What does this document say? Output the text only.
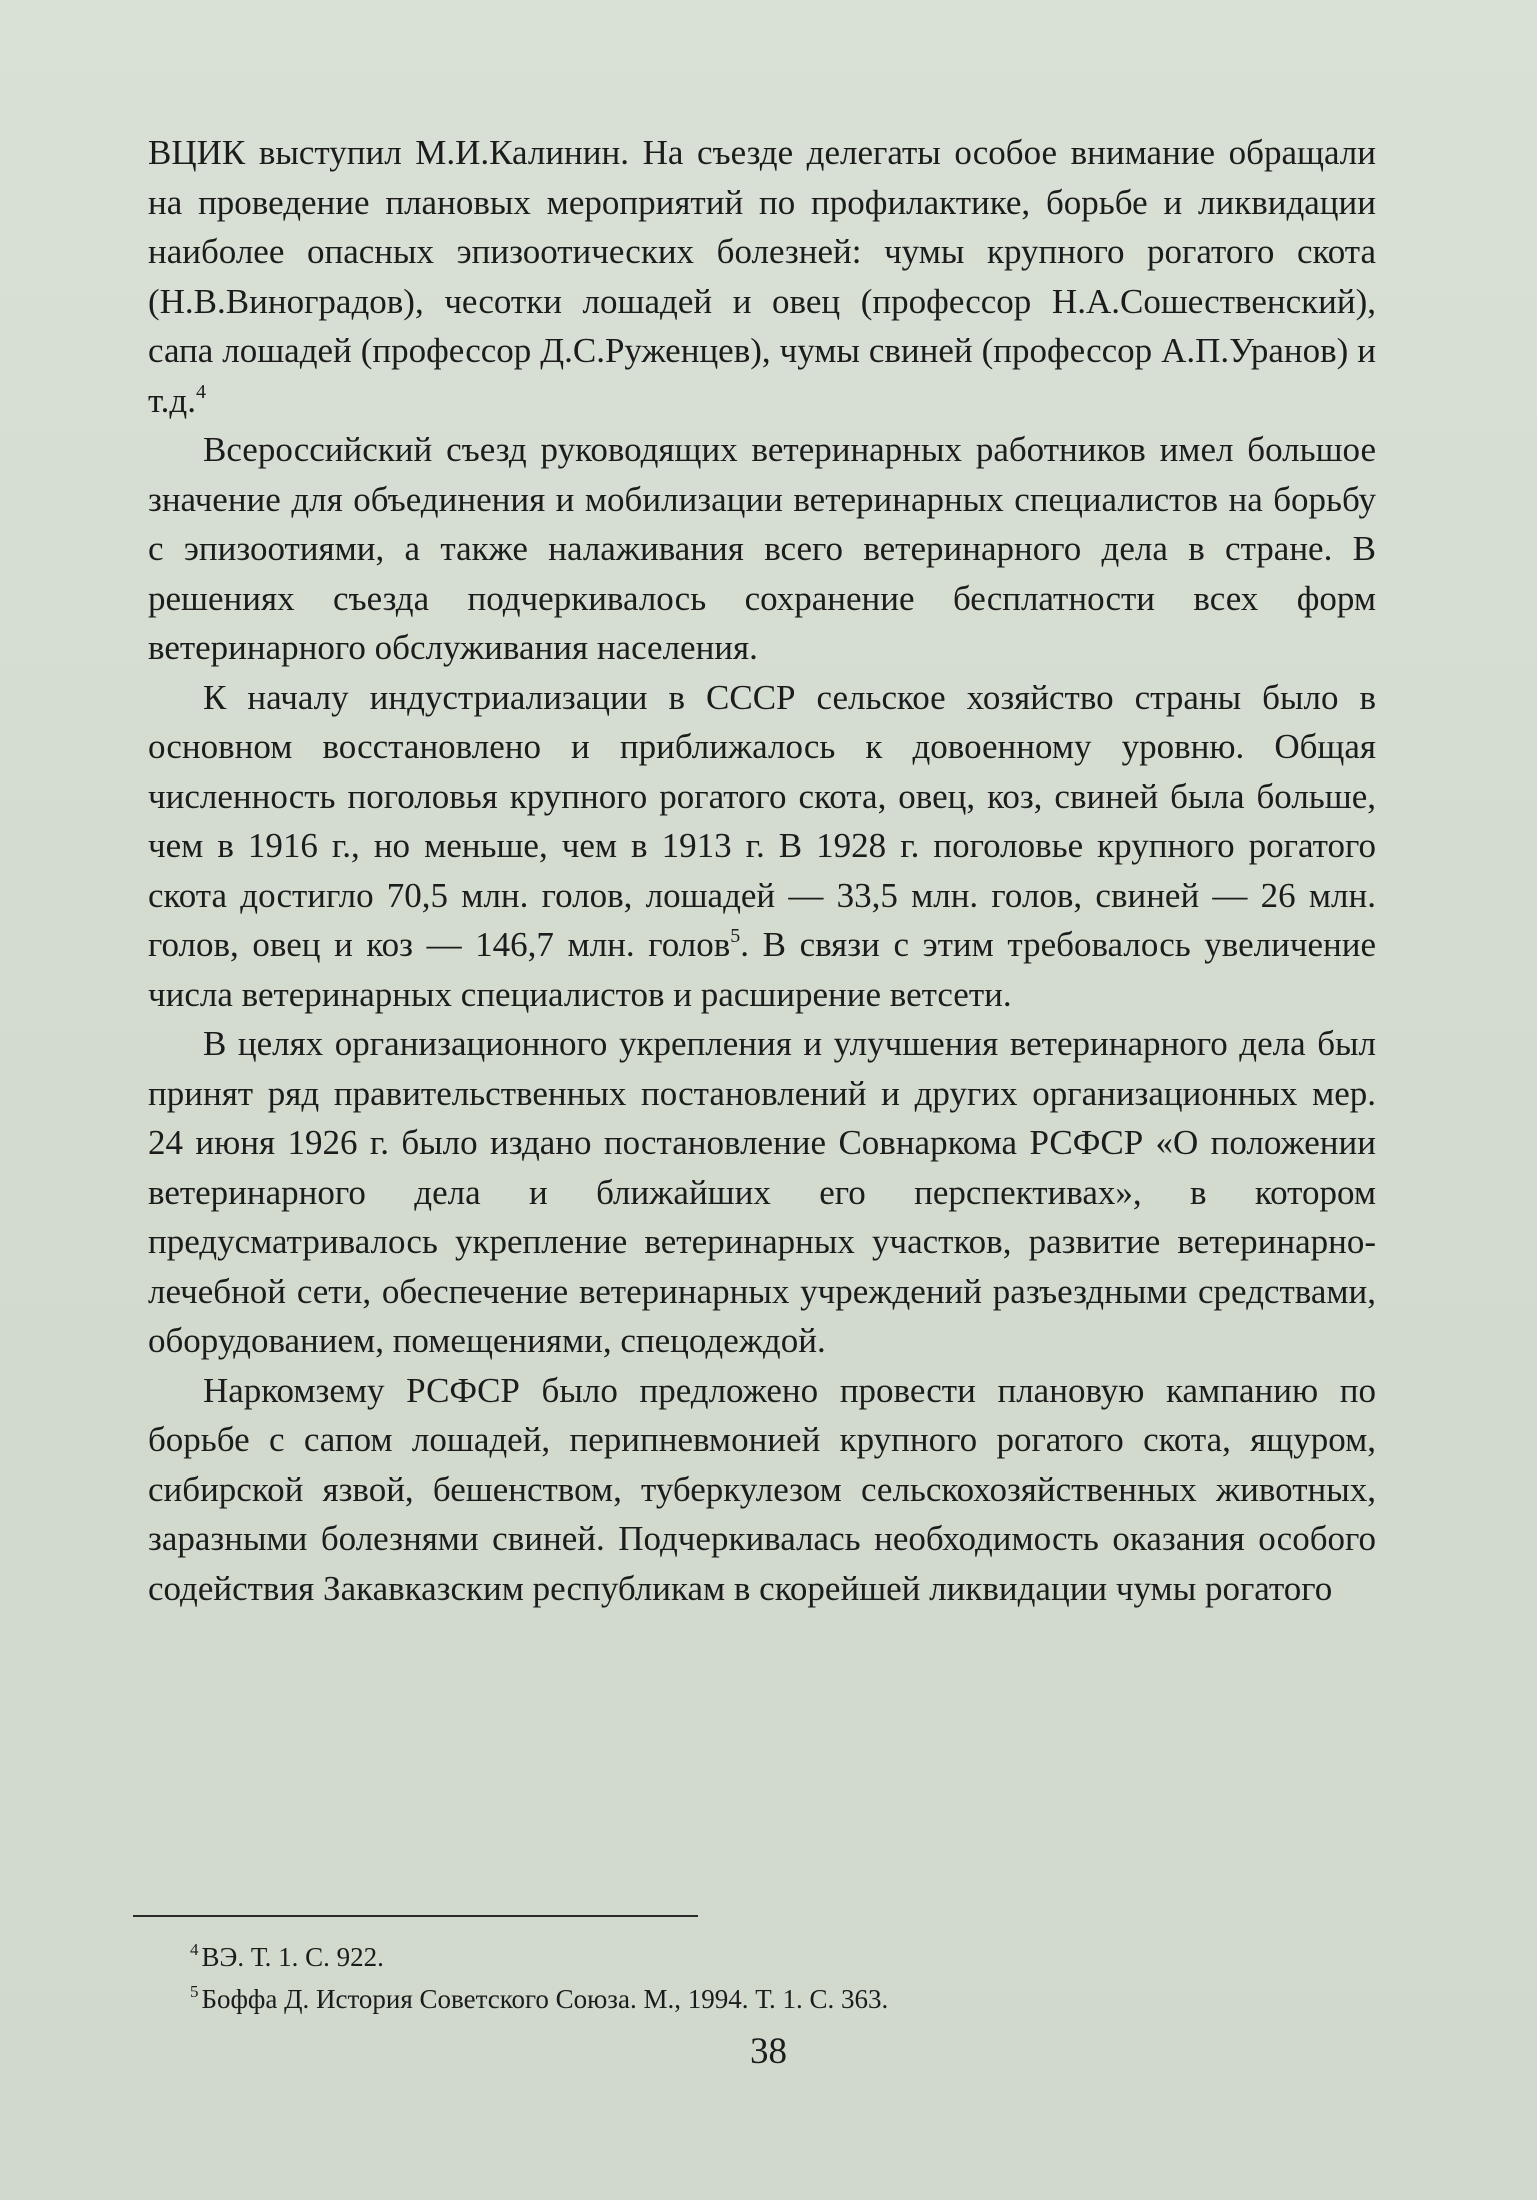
ВЦИК выступил М.И.Калинин. На съезде делегаты особое внимание обращали на проведение плановых мероприятий по профилактике, борьбе и ликвидации наиболее опасных эпизоотических болезней: чумы крупного рогатого скота (Н.В.Виноградов), чесотки лошадей и овец (профессор Н.А.Сошественский), сапа лошадей (профессор Д.С.Руженцев), чумы свиней (профессор А.П.Уранов) и т.д.$^4$

Всероссийский съезд руководящих ветеринарных работников имел большое значение для объединения и мобилизации ветеринарных специалистов на борьбу с эпизоотиями, а также налаживания всего ветеринарного дела в стране. В решениях съезда подчеркивалось сохранение бесплатности всех форм ветеринарного обслуживания населения.

К началу индустриализации в СССР сельское хозяйство страны было в основном восстановлено и приближалось к довоенному уровню. Общая численность поголовья крупного рогатого скота, овец, коз, свиней была больше, чем в 1916 г., но меньше, чем в 1913 г. В 1928 г. поголовье крупного рогатого скота достигло 70,5 млн. голов, лошадей — 33,5 млн. голов, свиней — 26 млн. голов, овец и коз — 146,7 млн. голов$^5$. В связи с этим требовалось увеличение числа ветеринарных специалистов и расширение ветсети.

В целях организационного укрепления и улучшения ветеринарного дела был принят ряд правительственных постановлений и других организационных мер. 24 июня 1926 г. было издано постановление Совнаркома РСФСР «О положении ветеринарного дела и ближайших его перспективах», в котором предусматривалось укрепление ветеринарных участков, развитие ветеринарно-лечебной сети, обеспечение ветеринарных учреждений разъездными средствами, оборудованием, помещениями, спецодеждой.

Наркомзему РСФСР было предложено провести плановую кампанию по борьбе с сапом лошадей, перипневмонией крупного рогатого скота, ящуром, сибирской язвой, бешенством, туберкулезом сельскохозяйственных животных, заразными болезнями свиней. Подчеркивалась необходимость оказания особого содействия Закавказским республикам в скорейшей ликвидации чумы рогатого

$^4$ ВЭ. Т. 1. С. 922.

$^5$ Боффа Д. История Советского Союза. М., 1994. Т. 1. С. 363.

38
